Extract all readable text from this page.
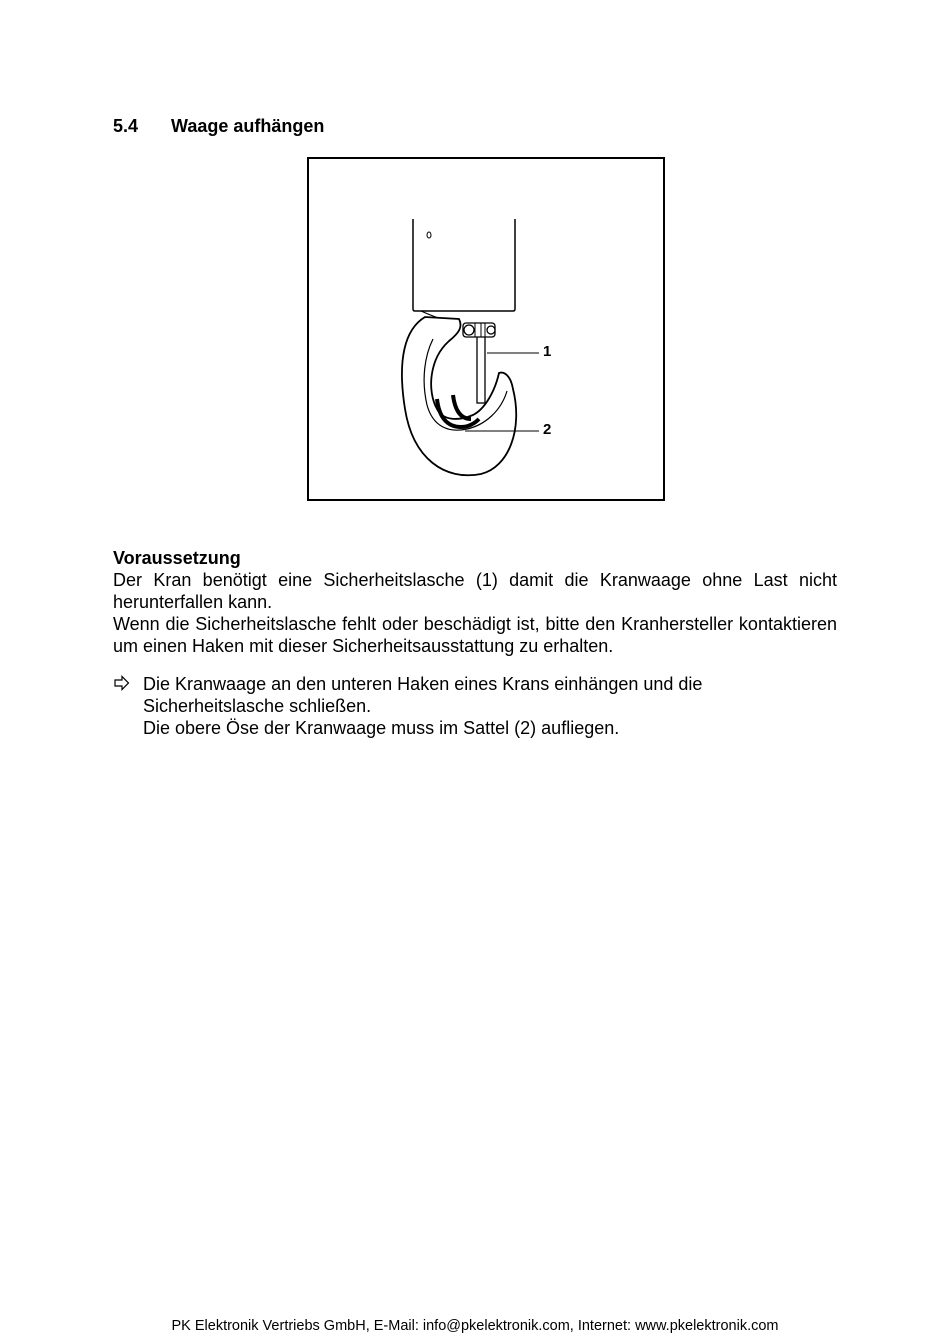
5.4 Waage aufhängen
1
2
Voraussetzung

Der Kran benötigt eine Sicherheitslasche (1) damit die Kranwaage ohne Last nicht herunterfallen kann.

Wenn die Sicherheitslasche fehlt oder beschädigt ist, bitte den Kranhersteller kontaktieren um einen Haken mit dieser Sicherheitsausstattung zu erhalten.

Die Kranwaage an den unteren Haken eines Krans einhängen und die
Sicherheitslasche schließen.
Die obere Öse der Kranwaage muss im Sattel (2) aufliegen.
PK Elektronik Vertriebs GmbH, E-Mail: info@pkelektronik.com, Internet: www.pkelektronik.com
